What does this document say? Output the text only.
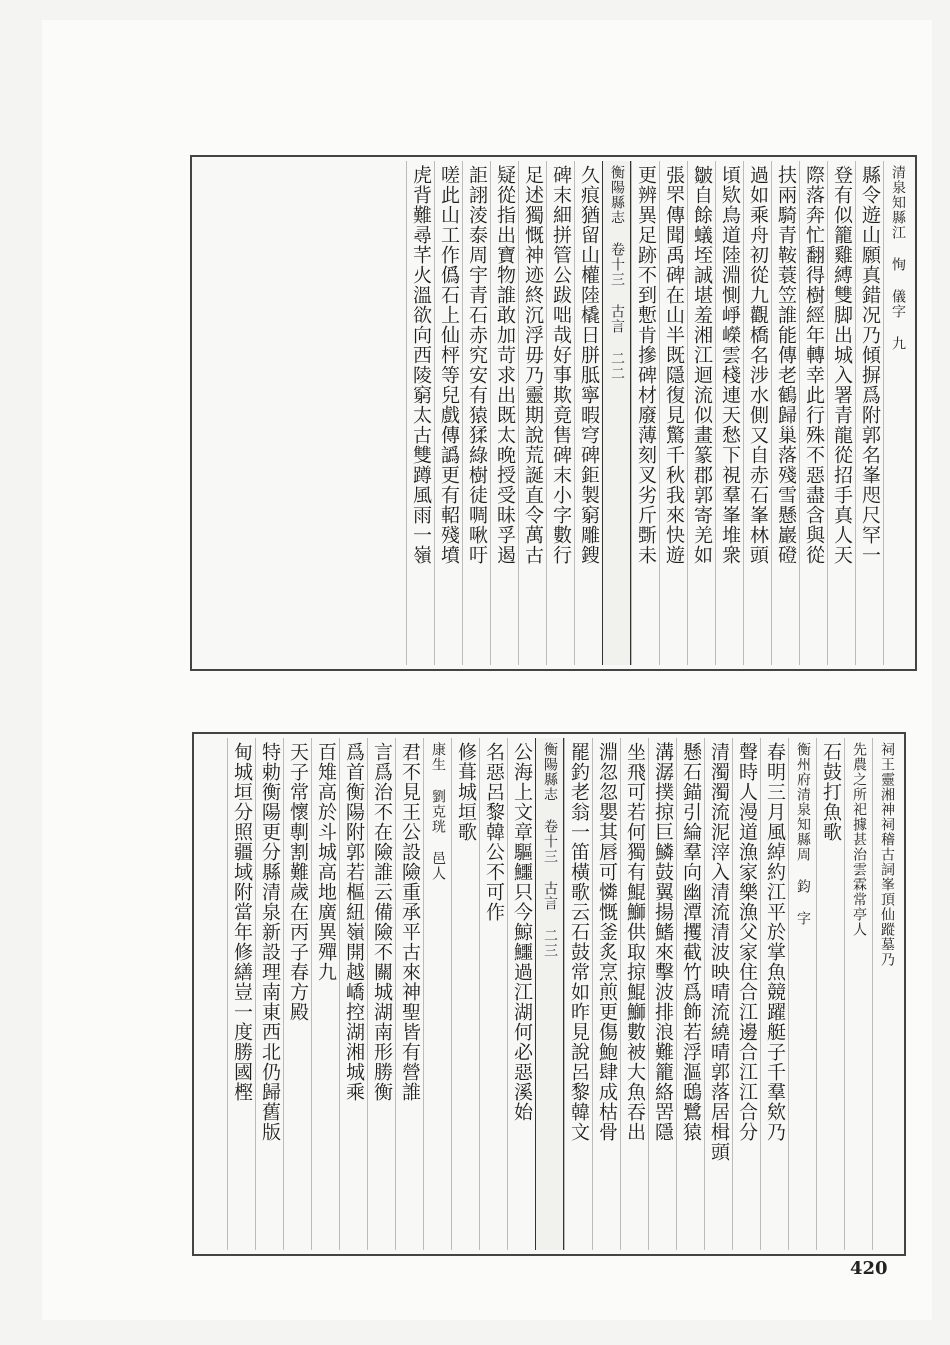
清泉知縣江 恂 儀字 九
縣令遊山願真錯况乃傾摒爲附郭名峯咫尺罕一
登有似籠雞縛雙脚出城入署青龍從招手真人天
際落奔忙翻得樹經年轉幸此行殊不惡盡含與從
扶兩騎青鞍蓑笠誰能傳老鶴歸巢落殘雪懸巖磴
過如乘舟初從九觀橋名涉水側又自赤石峯林頭
頃欵鳥道陸淵惻崢嶸雲棧連天愁下視羣峯堆衆
皺自餘蟻垤誠堪羞湘江迴流似畫篆郡郭寄羌如
張罘傳聞禹碑在山半既隱復見驚千秋我來快遊
更辨異足跡不到慙肯摻碑材廢薄刻叉劣斤斲未
衡陽縣志 卷十三 古言 二二
久痕猶留山權陸橇日胼胝寧暇穹碑鉅製窮雕鎪
碑末細拼管公跋咄哉好事欺竟售碑末小字數行
足述獨慨神迹終沉浮毋乃靈期說荒誕直令萬古
疑從指出寶物誰敢加苛求出既太晚授受昧孚遏
詎詡淩泰周宇青石赤究安有猿猱綠樹徒啁啾吁
嗟此山工作僞石上仙枰等兒戲傳譌更有軺殘墳
虎背難尋芊火溫欲向西陵窮太古雙蹲風雨一嶺
祠王靈湘神祠稽古詞峯頂仙蹤墓乃
先農之所祀據甚治雲霖常亭人
石鼓打魚歌
衡州府清泉知縣周 鈞 字
春明三月風綽約江平於掌魚競躍艇子千羣欸乃
聲時人漫道漁家樂漁父家住合江邊合江江合分
清濁濁流泥滓入清流清波映晴流繞晴郭落居楫頭
懸石錨引綸羣向幽潭攫截竹爲飾若浮漚鴟鷺猿
溝潺撲掠巨鱗鼓翼揚鰭來擊波排浪難籠絡罟隱
坐飛可若何獨有鯤鰤供取掠鯤鰤數被大魚吞出
淵忽忽嬰其唇可憐慨釜炙烹煎更傷鮑肆成枯骨
罷釣老翁一笛橫歌云石鼓常如昨見說呂黎韓文
衡陽縣志 卷十三 古言 二三
公海上文章驅鱷只今鯨鱷過江湖何必惡溪始
名惡呂黎韓公不可作
修葺城垣歌
康生 劉克珖 邑人
君不見王公設險重承平古來神聖皆有營誰
言爲治不在險誰云備險不關城湖南形勝衡
爲首衡陽附郭若樞紐嶺開越嶠控湖湘城乘
百雉高於斗城高地廣異殫九
天子常懷剸割難歲在丙子春方殿
特勅衡陽更分縣清泉新設理南東西北仍歸舊版
甸城垣分照疆域附當年修繕豈一度勝國樫
420
